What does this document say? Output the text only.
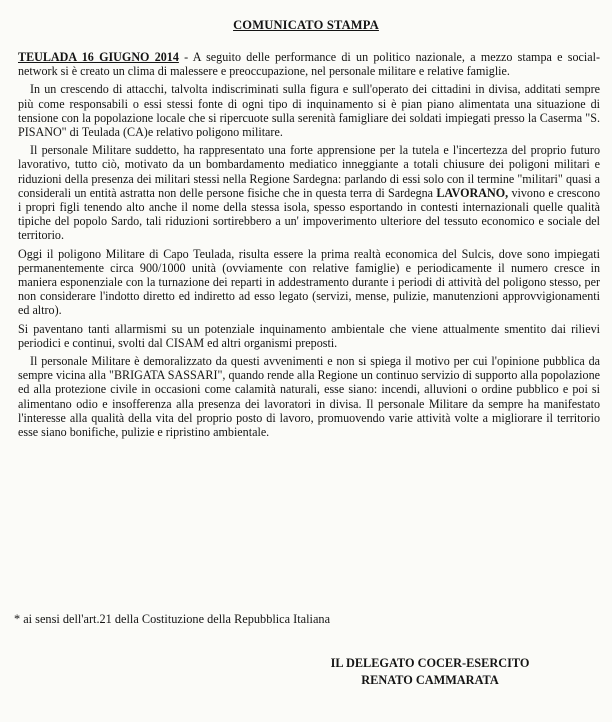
COMUNICATO STAMPA

TEULADA 16 GIUGNO 2014 - A seguito delle performance di un politico nazionale, a mezzo stampa e social-network si è creato un clima di malessere e preoccupazione, nel personale militare e relative famiglie.

In un crescendo di attacchi, talvolta indiscriminati sulla figura e sull'operato dei cittadini in divisa, additati sempre più come responsabili o essi stessi fonte di ogni tipo di inquinamento si è pian piano alimentata una situazione di tensione con la popolazione locale che si ripercuote sulla serenità famigliare dei soldati impiegati presso la Caserma "S. PISANO" di Teulada (CA)e relativo poligono militare.

Il personale Militare suddetto, ha rappresentato una forte apprensione per la tutela e l'incertezza del proprio futuro lavorativo, tutto ciò, motivato da un bombardamento mediatico inneggiante a totali chiusure dei poligoni militari e riduzioni della presenza dei militari stessi nella Regione Sardegna: parlando di essi solo con il termine "militari" quasi a considerali un entità astratta non delle persone fisiche che in questa terra di Sardegna LAVORANO, vivono e crescono i propri figli tenendo alto anche il nome della stessa isola, spesso esportando in contesti internazionali quelle qualità tipiche del popolo Sardo, tali riduzioni sortirebbero a un' impoverimento ulteriore del tessuto economico e sociale del territorio.

Oggi il poligono Militare di Capo Teulada, risulta essere la prima realtà economica del Sulcis, dove sono impiegati permanentemente circa 900/1000 unità (ovviamente con relative famiglie) e periodicamente il numero cresce in maniera esponenziale con la turnazione dei reparti in addestramento durante i periodi di attività del poligono stesso, per non considerare l'indotto diretto ed indiretto ad esso legato (servizi, mense, pulizie, manutenzioni approvvigionamenti ed altro).

Si paventano tanti allarmismi su un potenziale inquinamento ambientale che viene attualmente smentito dai rilievi periodici e continui, svolti dal CISAM ed altri organismi preposti.

Il personale Militare è demoralizzato da questi avvenimenti e non si spiega il motivo per cui l'opinione pubblica da sempre vicina alla "BRIGATA SASSARI", quando rende alla Regione un continuo servizio di supporto alla popolazione ed alla protezione civile in occasioni come calamità naturali, esse siano: incendi, alluvioni o ordine pubblico e poi si alimentano odio e insofferenza alla presenza dei lavoratori in divisa. Il personale Militare da sempre ha manifestato l'interesse alla qualità della vita del proprio posto di lavoro, promuovendo varie attività volte a migliorare il territorio esse siano bonifiche, pulizie e ripristino ambientale.

* ai sensi dell'art.21 della Costituzione della Repubblica Italiana
IL DELEGATO COCER-ESERCITO
RENATO CAMMARATA
